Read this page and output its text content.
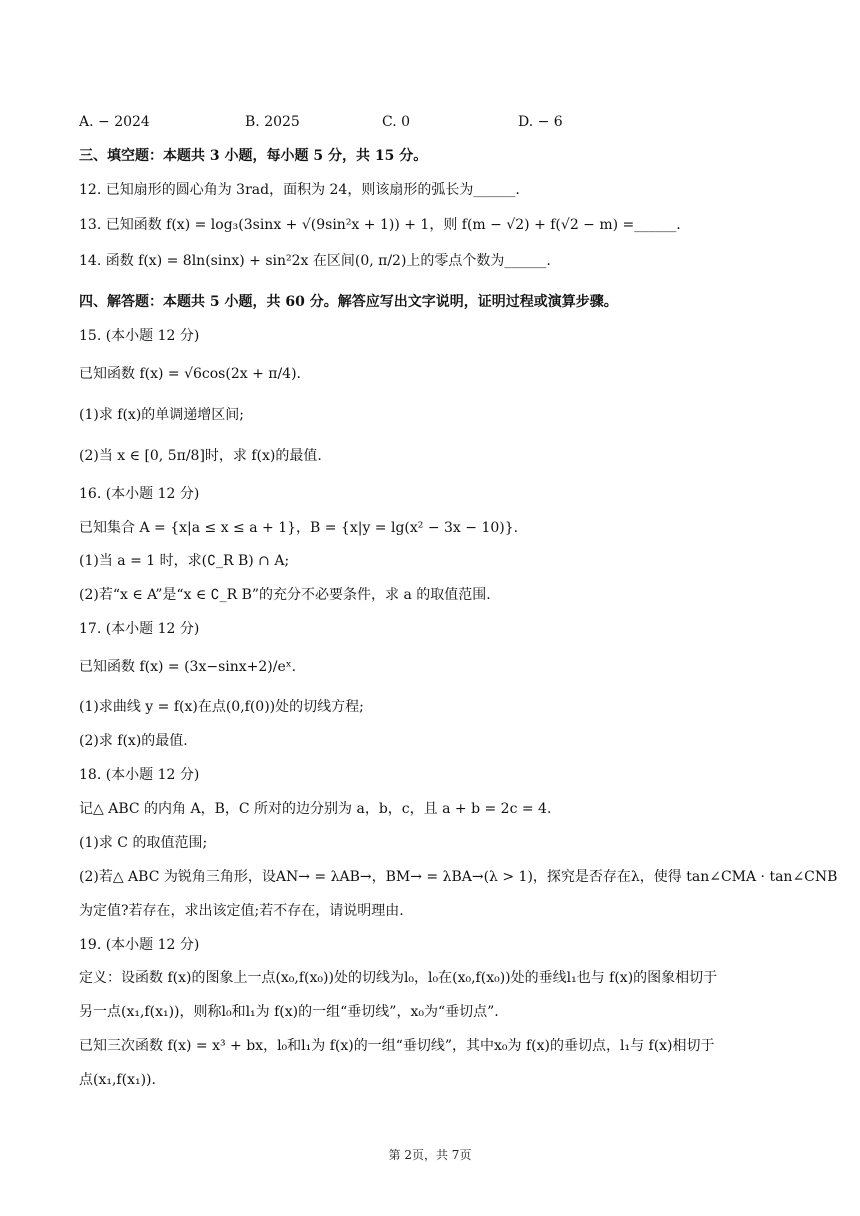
A. − 2024	B. 2025	C. 0	D. − 6
三、填空题：本题共 3 小题，每小题 5 分，共 15 分。
12. 已知扇形的圆心角为 3rad，面积为 24，则该扇形的弧长为______.
13. 已知函数 f(x) = log₃(3sinx + √(9sin²x + 1)) + 1，则 f(m − √2) + f(√2 − m) =______.
14. 函数 f(x) = 8ln(sinx) + sin²2x 在区间(0, π/2)上的零点个数为______.
四、解答题：本题共 5 小题，共 60 分。解答应写出文字说明，证明过程或演算步骤。
15. (本小题 12 分)
已知函数 f(x) = √6cos(2x + π/4).
(1)求 f(x)的单调递增区间;
(2)当 x ∈ [0, 5π/8]时，求 f(x)的最值.
16. (本小题 12 分)
已知集合 A = {x|a ≤ x ≤ a + 1}，B = {x|y = lg(x² − 3x − 10)}.
(1)当 a = 1 时，求(∁_R B) ∩ A;
(2)若“x ∈ A”是“x ∈ ∁_R B”的充分不必要条件，求 a 的取值范围.
17. (本小题 12 分)
已知函数 f(x) = (3x−sinx+2)/eˣ.
(1)求曲线 y = f(x)在点(0,f(0))处的切线方程;
(2)求 f(x)的最值.
18. (本小题 12 分)
记△ ABC 的内角 A，B，C 所对的边分别为 a，b，c，且 a + b = 2c = 4.
(1)求 C 的取值范围;
(2)若△ ABC 为锐角三角形，设AN→ = λAB→，BM→ = λBA→(λ > 1)，探究是否存在λ，使得 tan∠CMA · tan∠CNB
为定值?若存在，求出该定值;若不存在，请说明理由.
19. (本小题 12 分)
定义：设函数 f(x)的图象上一点(x₀,f(x₀))处的切线为l₀，l₀在(x₀,f(x₀))处的垂线l₁也与 f(x)的图象相切于
另一点(x₁,f(x₁))，则称l₀和l₁为 f(x)的一组“垂切线”，x₀为“垂切点”.
已知三次函数 f(x) = x³ + bx，l₀和l₁为 f(x)的一组“垂切线”，其中x₀为 f(x)的垂切点，l₁与 f(x)相切于
点(x₁,f(x₁)).
第 2页，共 7页
